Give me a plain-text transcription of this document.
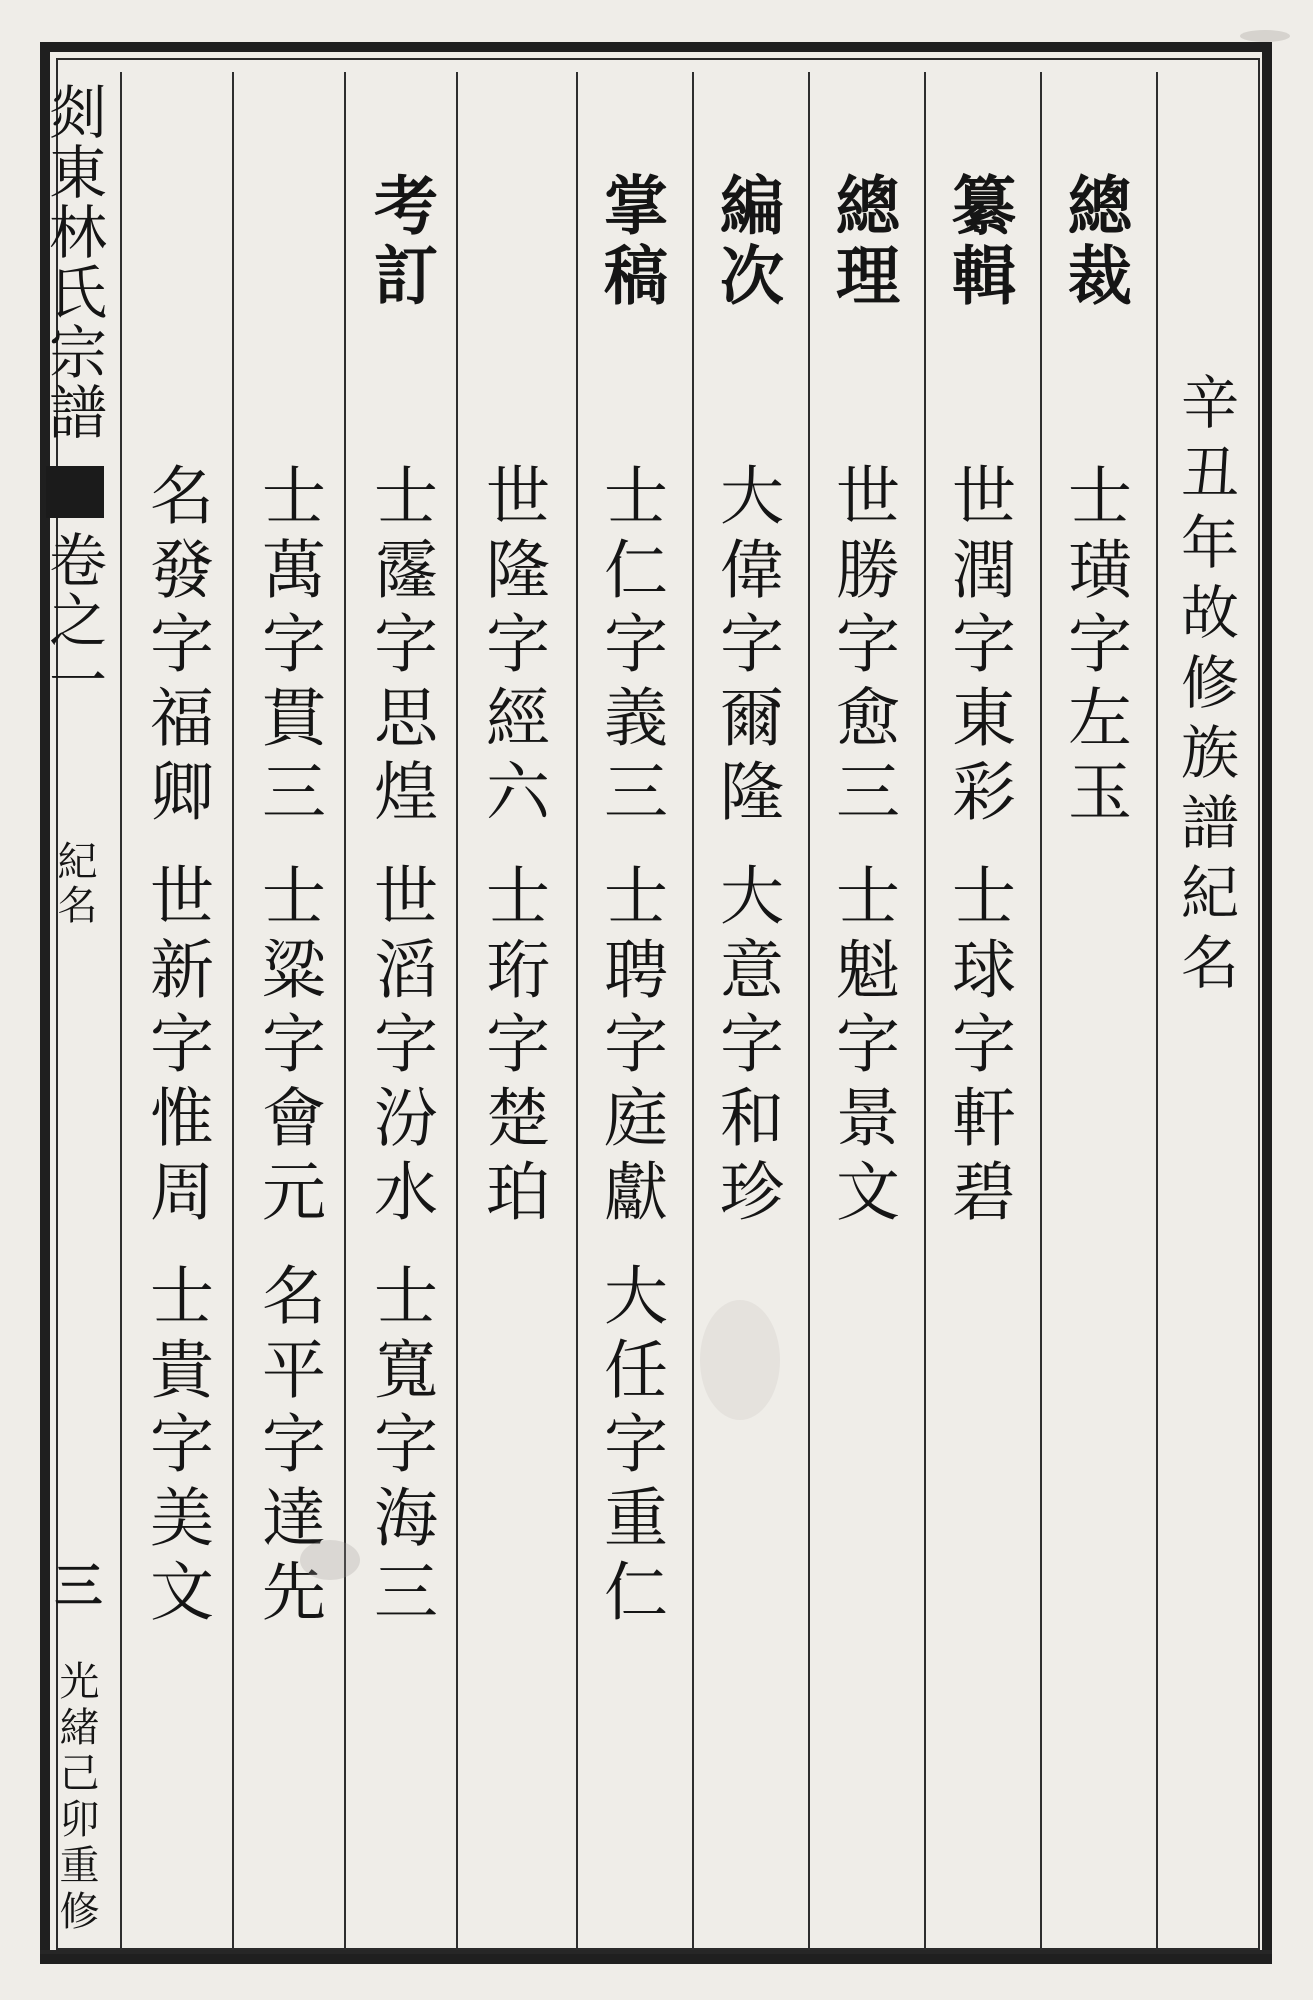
辛丑年故修族譜紀名
總裁
士璜字左玉
纂輯
世潤字東彩
士球字軒碧
總理
世勝字愈三
士魁字景文
編次
大偉字爾隆
大意字和珍
掌稿
士仁字義三
士聘字庭獻
大任字重仁
世隆字經六
士珩字楚珀
考訂
士霳字思煌
世滔字汾水
士寬字海三
士萬字貫三
士粱字會元
名平字達先
名發字福卿
世新字惟周
士貴字美文
剡東林氏宗譜
卷之一
紀名
三
光緒己卯重修
